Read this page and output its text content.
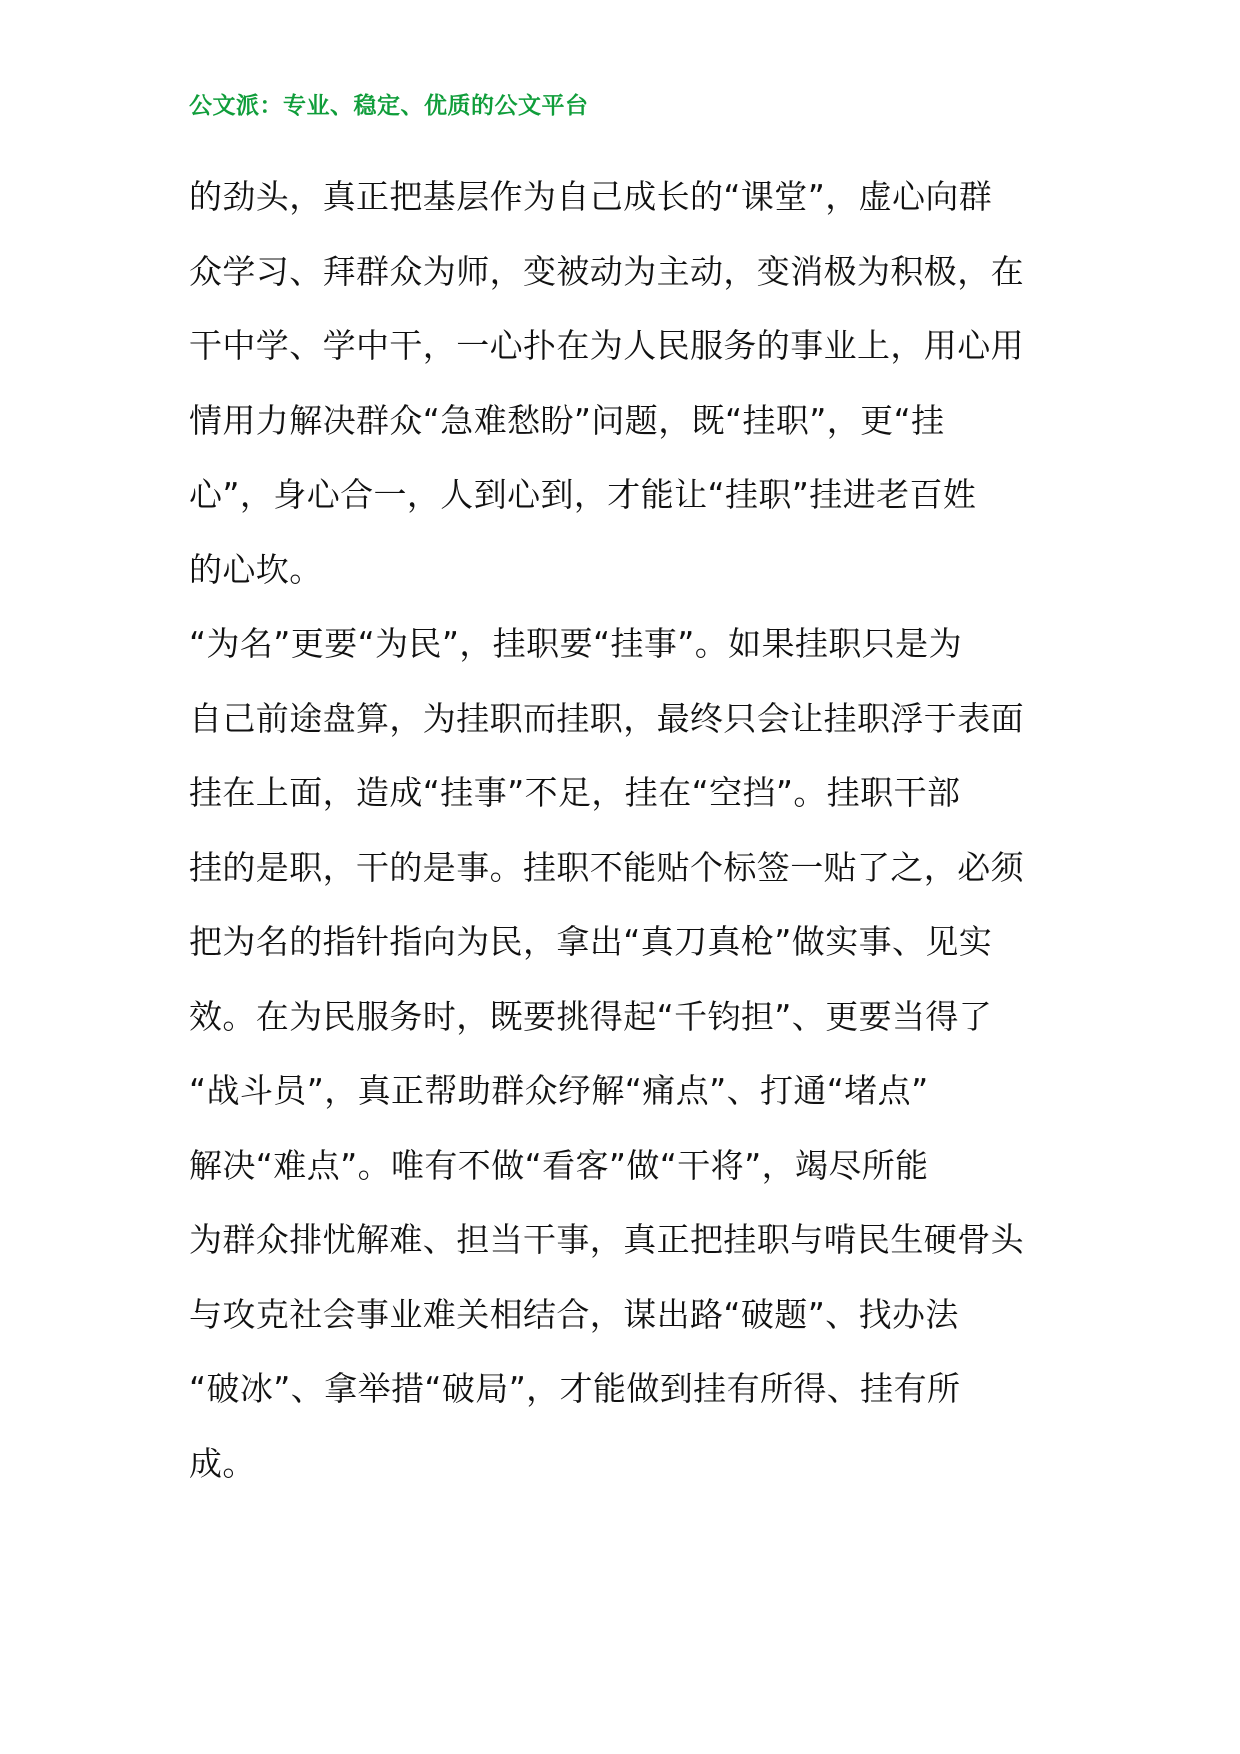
公文派：专业、稳定、优质的公文平台
的劲头，真正把基层作为自己成长的“课堂”，虚心向群
众学习、拜群众为师，变被动为主动，变消极为积极，在
干中学、学中干，一心扑在为人民服务的事业上，用心用
情用力解决群众“急难愁盼”问题，既“挂职”，更“挂
心”，身心合一，人到心到，才能让“挂职”挂进老百姓
的心坎。
“为名”更要“为民”，挂职要“挂事”。如果挂职只是为
自己前途盘算，为挂职而挂职，最终只会让挂职浮于表面
挂在上面，造成“挂事”不足，挂在“空挡”。挂职干部
挂的是职，干的是事。挂职不能贴个标签一贴了之，必须
把为名的指针指向为民，拿出“真刀真枪”做实事、见实
效。在为民服务时，既要挑得起“千钧担”、更要当得了
“战斗员”，真正帮助群众纾解“痛点”、打通“堵点”
解决“难点”。唯有不做“看客”做“干将”，竭尽所能
为群众排忧解难、担当干事，真正把挂职与啃民生硬骨头
与攻克社会事业难关相结合，谋出路“破题”、找办法
“破冰”、拿举措“破局”，才能做到挂有所得、挂有所
成。
